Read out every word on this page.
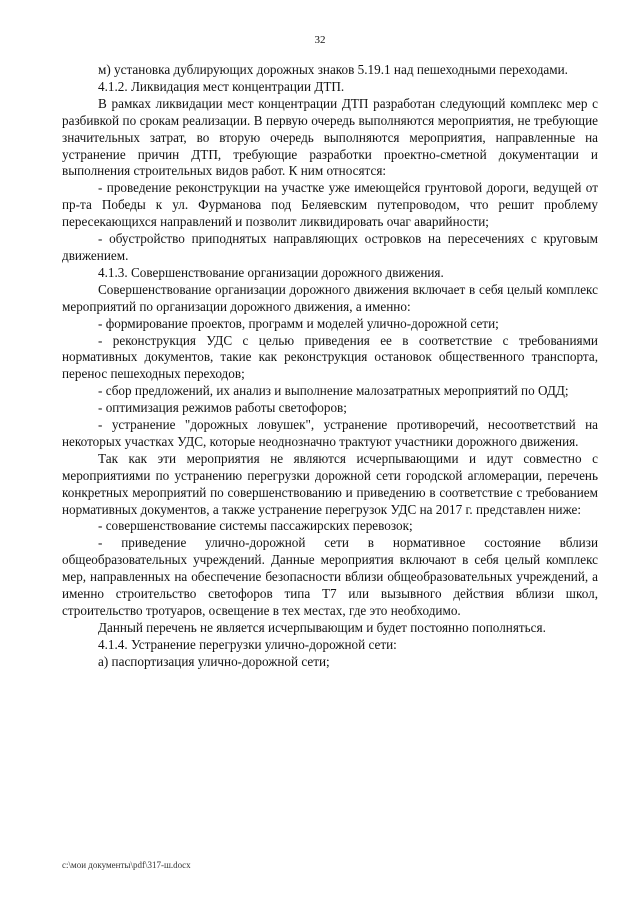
32

м) установка дублирующих дорожных знаков 5.19.1 над пешеходными переходами.

4.1.2. Ликвидация мест концентрации ДТП.

В рамках ликвидации мест концентрации ДТП разработан следующий комплекс мер с разбивкой по срокам реализации. В первую очередь выполняются мероприятия, не требующие значительных затрат, во вторую очередь выполняются мероприятия, направленные на устранение причин ДТП, требующие разработки проектно-сметной документации и выполнения строительных видов работ. К ним относятся:

- проведение реконструкции на участке уже имеющейся грунтовой дороги, ведущей от пр-та Победы к ул. Фурманова под Беляевским путепроводом, что решит проблему пересекающихся направлений и позволит ликвидировать очаг аварийности;

- обустройство приподнятых направляющих островков на пересечениях с круговым движением.

4.1.3. Совершенствование организации дорожного движения.

Совершенствование организации дорожного движения включает в себя целый комплекс мероприятий по организации дорожного движения, а именно:

- формирование проектов, программ и моделей улично-дорожной сети;

- реконструкция УДС с целью приведения ее в соответствие с требованиями нормативных документов, такие как реконструкция остановок общественного транспорта, перенос пешеходных переходов;

- сбор предложений, их анализ и выполнение малозатратных мероприятий по ОДД;

- оптимизация режимов работы светофоров;

- устранение "дорожных ловушек", устранение противоречий, несоответствий на некоторых участках УДС, которые неоднозначно трактуют участники дорожного движения.

Так как эти мероприятия не являются исчерпывающими и идут совместно с мероприятиями по устранению перегрузки дорожной сети городской агломерации, перечень конкретных мероприятий по совершенствованию и приведению в соответствие с требованием нормативных документов, а также устранение перегрузок УДС на 2017 г. представлен ниже:

- совершенствование системы пассажирских перевозок;

- приведение улично-дорожной сети в нормативное состояние вблизи общеобразовательных учреждений. Данные мероприятия включают в себя целый комплекс мер, направленных на обеспечение безопасности вблизи общеобразовательных учреждений, а именно строительство светофоров типа Т7 или вызывного действия вблизи школ, строительство тротуаров, освещение в тех местах, где это необходимо.

Данный перечень не является исчерпывающим и будет постоянно пополняться.

4.1.4. Устранение перегрузки улично-дорожной сети:

а) паспортизация улично-дорожной сети;

c:\мои документы\pdf\317-ш.docx
